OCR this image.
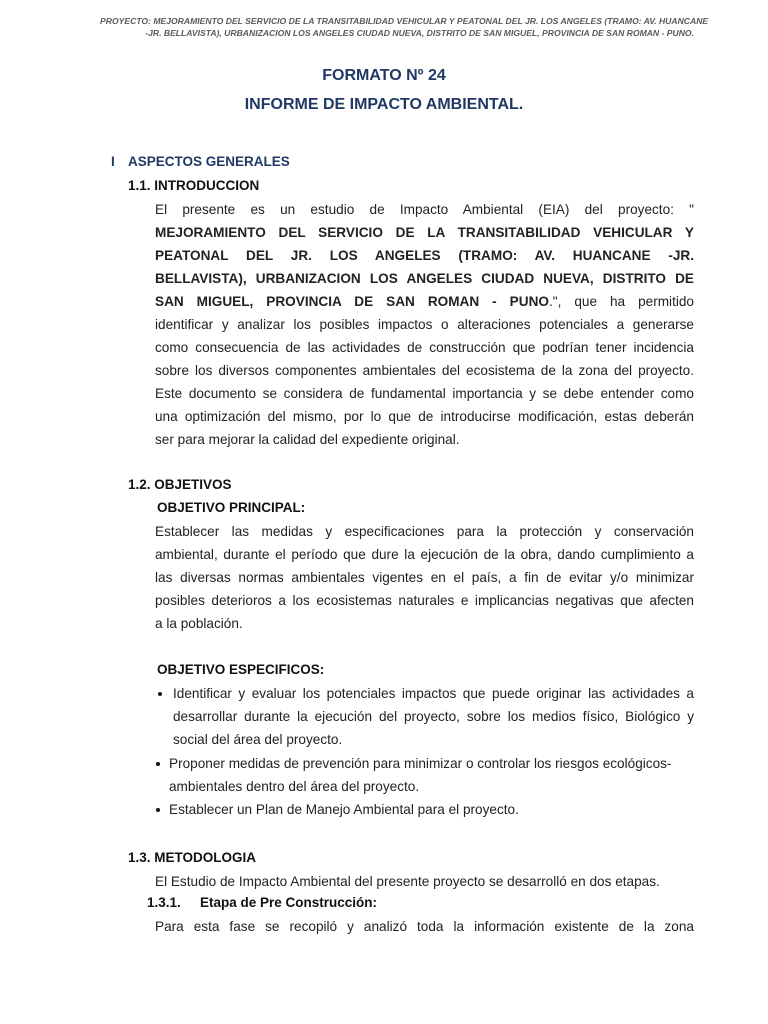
PROYECTO: MEJORAMIENTO DEL SERVICIO DE LA TRANSITABILIDAD VEHICULAR Y PEATONAL DEL JR. LOS ANGELES (TRAMO: AV. HUANCANE
-JR. BELLAVISTA), URBANIZACION LOS ANGELES CIUDAD NUEVA, DISTRITO DE SAN MIGUEL, PROVINCIA DE SAN ROMAN - PUNO.
FORMATO Nº 24
INFORME DE IMPACTO AMBIENTAL.
I ASPECTOS GENERALES
1.1. INTRODUCCION
El presente es un estudio de Impacto Ambiental (EIA) del proyecto: "
MEJORAMIENTO DEL SERVICIO DE LA TRANSITABILIDAD VEHICULAR Y
PEATONAL DEL JR. LOS ANGELES (TRAMO: AV. HUANCANE -JR.
BELLAVISTA), URBANIZACION LOS ANGELES CIUDAD NUEVA, DISTRITO DE
SAN MIGUEL, PROVINCIA DE SAN ROMAN - PUNO.", que ha permitido
identificar y analizar los posibles impactos o alteraciones potenciales a generarse
como consecuencia de las actividades de construcción que podrían tener incidencia
sobre los diversos componentes ambientales del ecosistema de la zona del proyecto.
Este documento se considera de fundamental importancia y se debe entender como
una optimización del mismo, por lo que de introducirse modificación, estas deberán
ser para mejorar la calidad del expediente original.
1.2. OBJETIVOS
OBJETIVO PRINCIPAL:
Establecer las medidas y especificaciones para la protección y conservación
ambiental, durante el período que dure la ejecución de la obra, dando cumplimiento a
las diversas normas ambientales vigentes en el país, a fin de evitar y/o minimizar
posibles deterioros a los ecosistemas naturales e implicancias negativas que afecten
a la población.
OBJETIVO ESPECIFICOS:
Identificar y evaluar los potenciales impactos que puede originar las actividades a
desarrollar durante la ejecución del proyecto, sobre los medios físico, Biológico y
social del área del proyecto.
Proponer medidas de prevención para minimizar o controlar los riesgos ecológicos-
ambientales dentro del área del proyecto.
Establecer un Plan de Manejo Ambiental para el proyecto.
1.3. METODOLOGIA
El Estudio de Impacto Ambiental del presente proyecto se desarrolló en dos etapas.
1.3.1. Etapa de Pre Construcción:
Para esta fase se recopiló y analizó toda la información existente de la zona
